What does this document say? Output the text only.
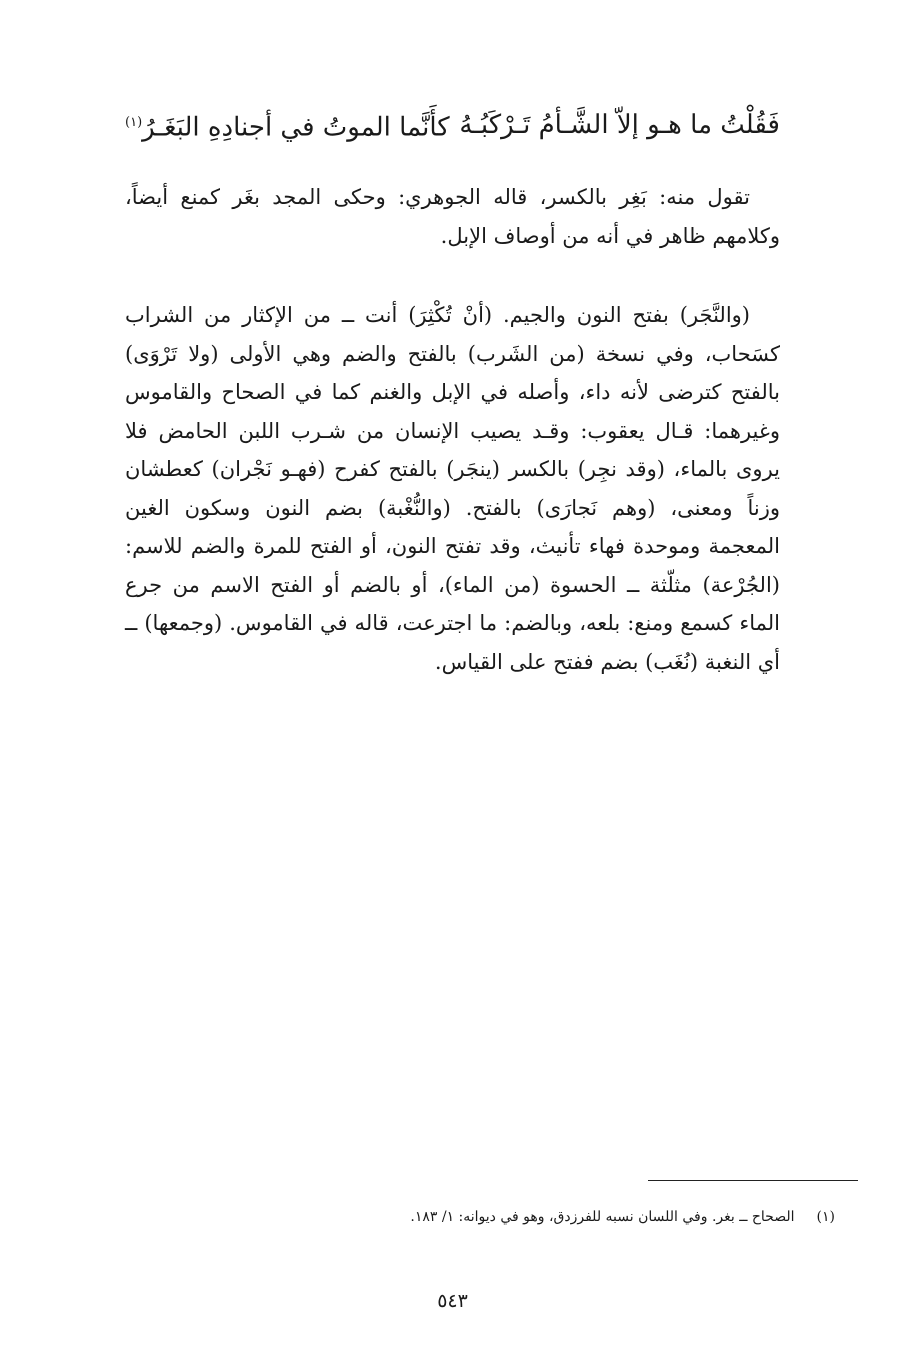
فَقُلْتُ ما هـو إلاّ الشَّـأمُ تَـرْكَبُـهُ
كأَنَّما الموتُ في أجنادِهِ البَغَـرُ$^{(١)}$

تقول منه: بَغِر بالكسر، قاله الجوهري: وحكى المجد بغَر كمنع أيضاً، وكلامهم ظاهر في أنه من أوصاف الإبل.

(والنَّجَر) بفتح النون والجيم. (أنْ تُكْثِرَ) أنت ــ من الإكثار من الشراب كسَحاب، وفي نسخة (من الشَرب) بالفتح والضم وهي الأولى (ولا تَرْوَى) بالفتح كترضى لأنه داء، وأصله في الإبل والغنم كما في الصحاح والقاموس وغيرهما: قـال يعقوب: وقـد يصيب الإنسان من شـرب اللبن الحامض فلا يروى بالماء، (وقد نجِر) بالكسر (ينجَر) بالفتح كفرح (فهـو نَجْران) كعطشان وزناً ومعنى، (وهم نَجارَى) بالفتح. (والنُّغْبة) بضم النون وسكون الغين المعجمة وموحدة فهاء تأنيث، وقد تفتح النون، أو الفتح للمرة والضم للاسم: (الجُرْعة) مثلّثة ــ الحسوة (من الماء)، أو بالضم أو الفتح الاسم من جرع الماء كسمع ومنع: بلعه، وبالضم: ما اجترعت، قاله في القاموس. (وجمعها) ــ أي النغبة (نُغَب) بضم ففتح على القياس.

(١)الصحاح ــ بغر. وفي اللسان نسبه للفرزدق، وهو في ديوانه: ١/ ١٨٣.

٥٤٣
